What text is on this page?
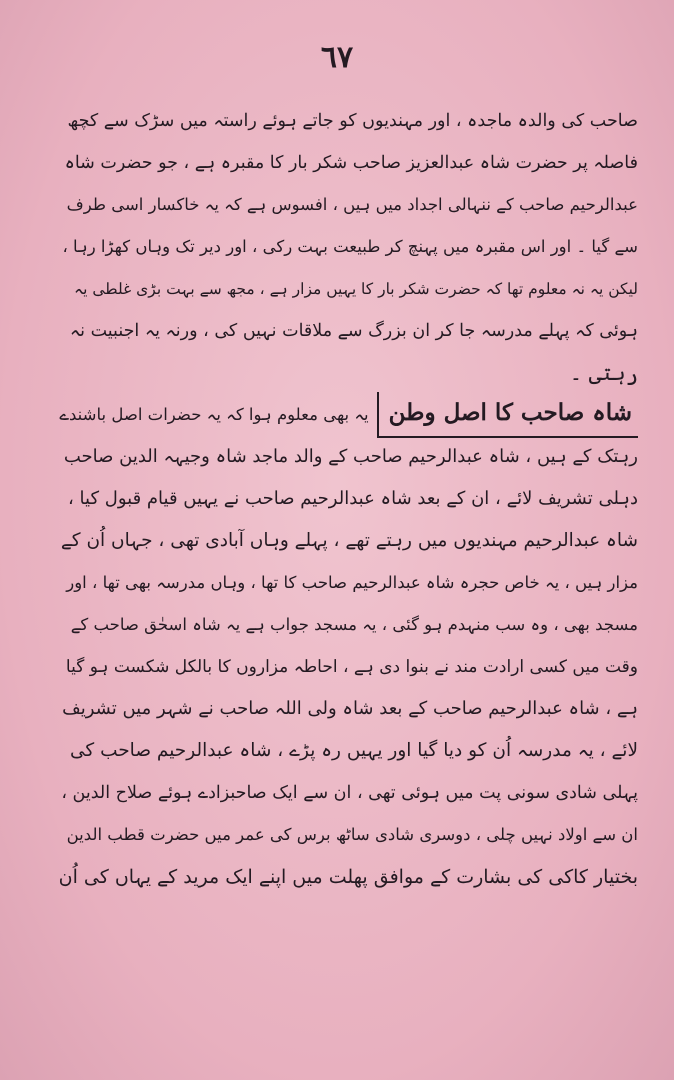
٦٧
صاحب کی والدہ ماجدہ ، اور مہندیوں کو جاتے ہوئے راستہ میں سڑک سے کچھ
فاصلہ پر حضرت شاہ عبدالعزیز صاحب شکر بار کا مقبرہ ہے ، جو حضرت شاہ
عبدالرحیم صاحب کے ننہالی اجداد میں ہیں ، افسوس ہے کہ یہ خاکسار اسی طرف
سے گیا ۔ اور اس مقبرہ میں پہنچ کر طبیعت بہت رکی ، اور دیر تک وہاں کھڑا رہا ،
لیکن یہ نہ معلوم تھا کہ حضرت شکر بار کا یہیں مزار ہے ، مجھ سے بہت بڑی غلطی یہ
ہوئی کہ پہلے مدرسہ جا کر ان بزرگ سے ملاقات نہیں کی ، ورنہ یہ اجنبیت نہ
رہتی ۔
شاہ صاحب کا اصل وطن
یہ بھی معلوم ہوا کہ یہ حضرات اصل باشندے
رہتک کے ہیں ، شاہ عبدالرحیم صاحب کے والد ماجد شاہ وجیہہ الدین صاحب
دہلی تشریف لائے ، ان کے بعد شاہ عبدالرحیم صاحب نے یہیں قیام قبول کیا ،
شاہ عبدالرحیم مہندیوں میں رہتے تھے ، پہلے وہاں آبادی تھی ، جہاں اُن کے
مزار ہیں ، یہ خاص حجرہ شاہ عبدالرحیم صاحب کا تھا ، وہاں مدرسہ بھی تھا ، اور
مسجد بھی ، وہ سب منہدم ہو گئی ، یہ مسجد جواب ہے یہ شاہ اسحٰق صاحب کے
وقت میں کسی ارادت مند نے بنوا دی ہے ، احاطہ مزاروں کا بالکل شکست ہو گیا
ہے ، شاہ عبدالرحیم صاحب کے بعد شاہ ولی اللہ صاحب نے شہر میں تشریف
لائے ، یہ مدرسہ اُن کو دیا گیا اور یہیں رہ پڑے ، شاہ عبدالرحیم صاحب کی
پہلی شادی سونی پت میں ہوئی تھی ، ان سے ایک صاحبزادے ہوئے صلاح الدین ،
ان سے اولاد نہیں چلی ، دوسری شادی ساٹھ برس کی عمر میں حضرت قطب الدین
بختیار کاکی کی بشارت کے موافق پھلت میں اپنے ایک مرید کے یہاں کی اُن
